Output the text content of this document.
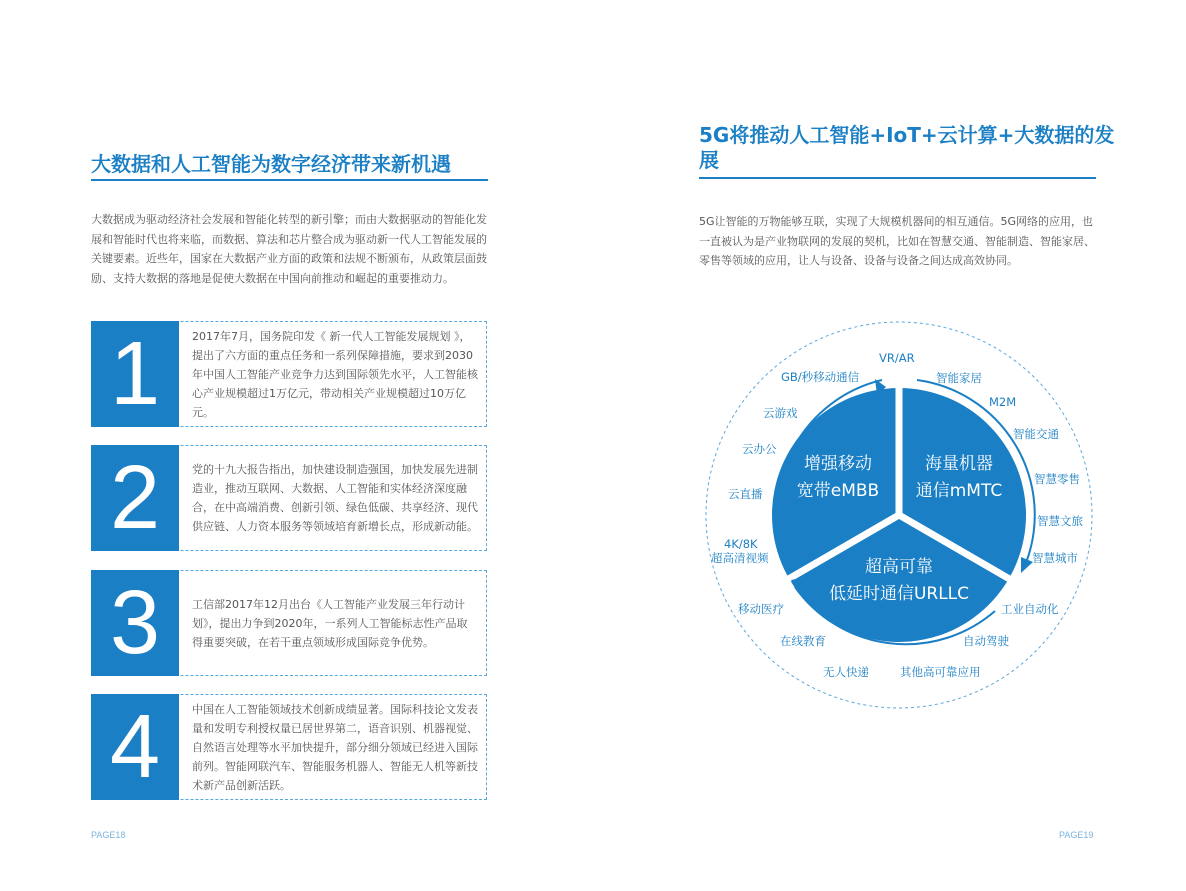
大数据和人工智能为数字经济带来新机遇
大数据成为驱动经济社会发展和智能化转型的新引擎；而由大数据驱动的智能化发展和智能时代也将来临，而数据、算法和芯片整合成为驱动新一代人工智能发展的关键要素。近些年，国家在大数据产业方面的政策和法规不断颁布，从政策层面鼓励、支持大数据的落地是促使大数据在中国向前推动和崛起的重要推动力。
1	2017年7月，国务院印发《 新一代人工智能发展规划 》，提出了六方面的重点任务和一系列保障措施，要求到2030年中国人工智能产业竞争力达到国际领先水平，人工智能核心产业规模超过1万亿元，带动相关产业规模超过10万亿元。
2	党的十九大报告指出，加快建设制造强国，加快发展先进制造业，推动互联网、大数据、人工智能和实体经济深度融合，在中高端消费、创新引领、绿色低碳、共享经济、现代供应链、人力资本服务等领域培育新增长点，形成新动能。
3	工信部2017年12月出台《人工智能产业发展三年行动计划》，提出力争到2020年，一系列人工智能标志性产品取得重要突破，在若干重点领域形成国际竞争优势。
4	中国在人工智能领域技术创新成绩显著。国际科技论文发表量和发明专利授权量已居世界第二，语音识别、机器视觉、自然语言处理等水平加快提升，部分细分领域已经进入国际前列。智能网联汽车、智能服务机器人、智能无人机等新技术新产品创新活跃。
PAGE18
5G将推动人工智能+IoT+云计算+大数据的发展
5G让智能的万物能够互联，实现了大规模机器间的相互通信。5G网络的应用，也一直被认为是产业物联网的发展的契机，比如在智慧交通、智能制造、智能家居、零售等领域的应用，让人与设备、设备与设备之间达成高效协同。
增强移动
宽带eMBB
海量机器
通信mMTC
超高可靠
低延时通信URLLC
VR/AR
GB/秒移动通信	智能家居
M2M
云游戏
智能交通
云办公
智慧零售
云直播
智慧文旅
4K/8K
超高清视频	智慧城市
移动医疗	工业自动化
在线教育	自动驾驶
无人快递	其他高可靠应用
PAGE19
